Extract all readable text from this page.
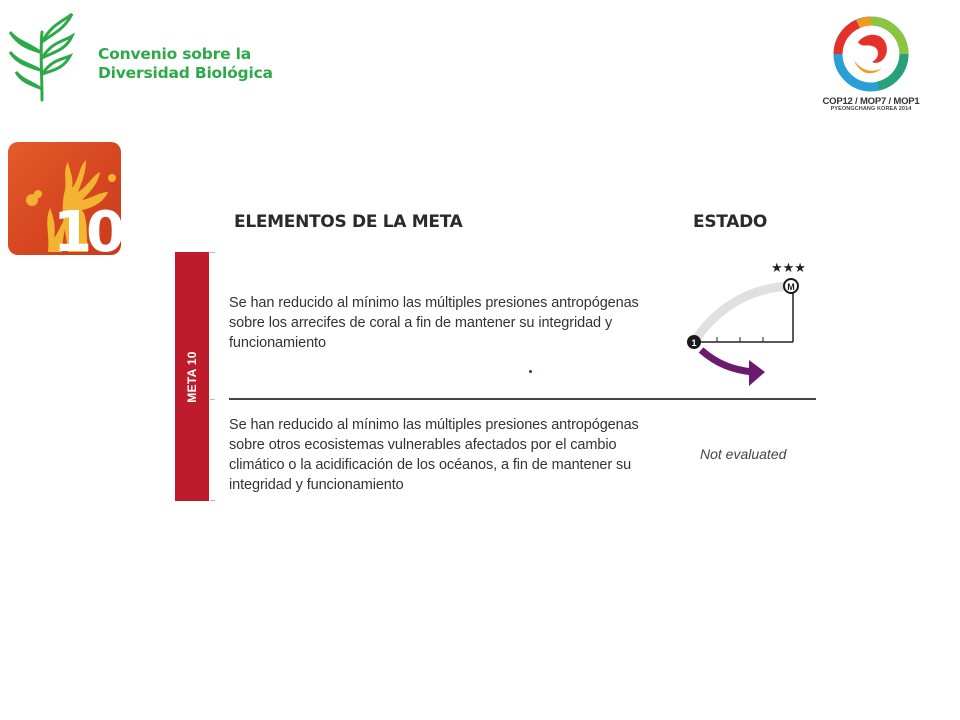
Convenio sobre la
Diversidad Biológica
COP12 / MOP7 / MOP1
PYEONGCHANG KOREA 2014
10	ELEMENTOS DE LA META	ESTADO
META 10
Se han reducido al mínimo las múltiples presiones antropógenas sobre los arrecifes de coral a fin de mantener su integridad y funcionamiento
★★★
1
M
Se han reducido al mínimo las múltiples presiones antropógenas sobre otros ecosistemas vulnerables afectados por el cambio climático o la acidificación de los océanos, a fin de mantener su integridad y funcionamiento
Not evaluated
